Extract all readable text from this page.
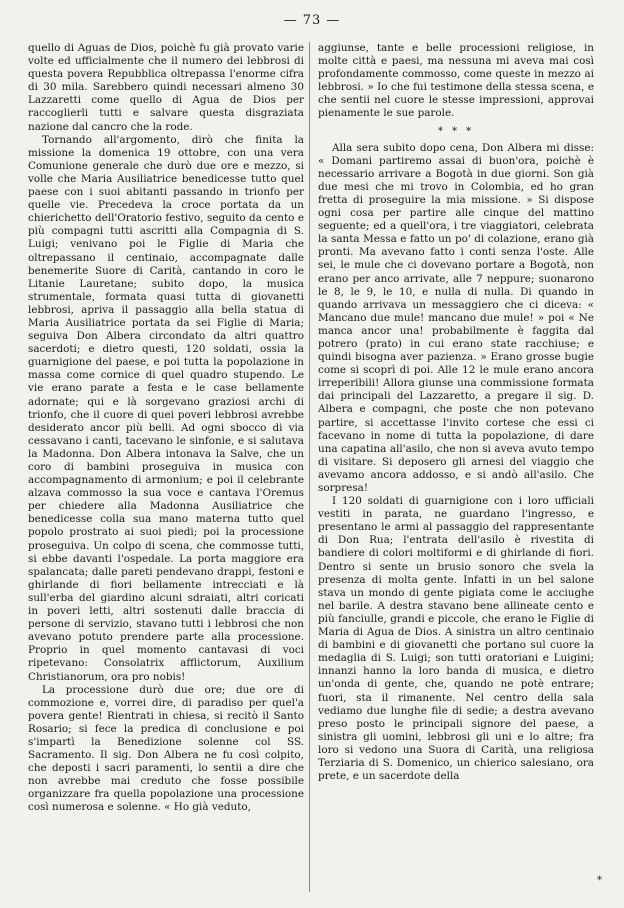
— 73 —

quello di Aguas de Dios, poichè fu già provato varie volte ed ufficialmente che il numero dei lebbrosi di questa povera Repubblica oltrepassa l'enorme cifra di 30 mila. Sarebbero quindi necessari almeno 30 Lazzaretti come quello di Agua de Dios per raccoglierli tutti e salvare questa disgraziata nazione dal cancro che la rode.

Tornando all'argomento, dirò che finita la missione la domenica 19 ottobre, con una vera Comunione generale che durò due ore e mezzo, si volle che Maria Ausiliatrice benedicesse tutto quel paese con i suoi abitanti passando in trionfo per quelle vie. Precedeva la croce portata da un chierichetto dell'Oratorio festivo, seguito da cento e più compagni tutti ascritti alla Compagnia di S. Luigi; venivano poi le Figlie di Maria che oltrepassano il centinaio, accompagnate dalle benemerite Suore di Carità, cantando in coro le Litanie Lauretane; subito dopo, la musica strumentale, formata quasi tutta di giovanetti lebbrosi, apriva il passaggio alla bella statua di Maria Ausiliatrice portata da sei Figlie di Maria; seguiva Don Albera circondato da altri quattro sacerdoti; e dietro questi, 120 soldati, ossia la guarnigione del paese, e poi tutta la popolazione in massa come cornice di quel quadro stupendo. Le vie erano parate a festa e le case bellamente adornate; qui e là sorgevano graziosi archi di trionfo, che il cuore di quei poveri lebbrosi avrebbe desiderato ancor più belli. Ad ogni sbocco di via cessavano i canti, tacevano le sinfonie, e si salutava la Madonna. Don Albera intonava la Salve, che un coro di bambini proseguiva in musica con accompagnamento di armonium; e poi il celebrante alzava commosso la sua voce e cantava l'Oremus per chiedere alla Madonna Ausiliatrice che benedicesse colla sua mano materna tutto quel popolo prostrato ai suoi piedi; poi la processione proseguiva. Un colpo di scena, che commosse tutti, si ebbe davanti l'ospedale. La porta maggiore era spalancata; dalle pareti pendevano drappi, festoni e ghirlande di fiori bellamente intrecciati e là sull'erba del giardino alcuni sdraiati, altri coricati in poveri letti, altri sostenuti dalle braccia di persone di servizio, stavano tutti i lebbrosi che non avevano potuto prendere parte alla processione. Proprio in quel momento cantavasi di voci ripetevano: Consolatrix afflictorum, Auxilium Christianorum, ora pro nobis!

La processione durò due ore; due ore di commozione e, vorrei dire, di paradiso per quel'a povera gente! Rientrati in chiesa, si recitò il Santo Rosario; si fece la predica di conclusione e poi s'impartì la Benedizione solenne col SS. Sacramento. Il sig. Don Albera ne fu così colpito, che deposti i sacri paramenti, lo sentii a dire che non avrebbe mai creduto che fosse possibile organizzare fra quella popolazione una processione così numerosa e solenne. « Ho già veduto,

aggiunse, tante e belle processioni religiose, in molte città e paesi, ma nessuna mi aveva mai così profondamente commosso, come queste in mezzo ai lebbrosi. » Io che fui testimone della stessa scena, e che sentii nel cuore le stesse impressioni, approvai pienamente le sue parole.

* * *

Alla sera subito dopo cena, Don Albera mi disse: « Domani partiremo assai di buon'ora, poichè è necessario arrivare a Bogotà in due giorni. Son già due mesi che mi trovo in Colombia, ed ho gran fretta di proseguire la mia missione. » Si dispose ogni cosa per partire alle cinque del mattino seguente; ed a quell'ora, i tre viaggiatori, celebrata la santa Messa e fatto un po' di colazione, erano già pronti. Ma avevano fatto i conti senza l'oste. Alle sei, le mule che ci dovevano portare a Bogotà, non erano per anco arrivate, alle 7 neppure; suonarono le 8, le 9, le 10, e nulla di nulla. Di quando in quando arrivava un messaggiero che ci diceva: « Mancano due mule! mancano due mule! » poi « Ne manca ancor una! probabilmente è faggita dal potrero (prato) in cui erano state racchiuse; e quindi bisogna aver pazienza. » Erano grosse bugie come si scoprì di poi. Alle 12 le mule erano ancora irreperibili! Allora giunse una commissione formata dai principali del Lazzaretto, a pregare il sig. D. Albera e compagni, che poste che non potevano partire, si accettasse l'invito cortese che essi ci facevano in nome di tutta la popolazione, di dare una capatina all'asilo, che non si aveva avuto tempo di visitare. Si deposero gli arnesi del viaggio che avevamo ancora addosso, e si andò all'asilo. Che sorpresa!

I 120 soldati di guarnigione con i loro ufficiali vestiti in parata, ne guardano l'ingresso, e presentano le armi al passaggio del rappresentante di Don Rua; l'entrata dell'asilo è rivestita di bandiere di colori moltiformi e di ghirlande di fiori. Dentro si sente un brusio sonoro che svela la presenza di molta gente. Infatti in un bel salone stava un mondo di gente pigiata come le acciughe nel barile. A destra stavano bene allineate cento e più fanciulle, grandi e piccole, che erano le Figlie di Maria di Agua de Dios. A sinistra un altro centinaio di bambini e di giovanetti che portano sul cuore la medaglia di S. Luigi; son tutti oratoriani e Luigini; innanzi hanno la loro banda di musica, e dietro un'onda di gente, che, quando ne potè entrare; fuori, sta il rimanente. Nel centro della sala vediamo due lunghe file di sedie; a destra avevano preso posto le principali signore del paese, a sinistra gli uomini, lebbrosi gli uni e lo altre; fra loro si vedono una Suora di Carità, una religiosa Terziaria di S. Domenico, un chierico salesiano, ora prete, e un sacerdote della

*
